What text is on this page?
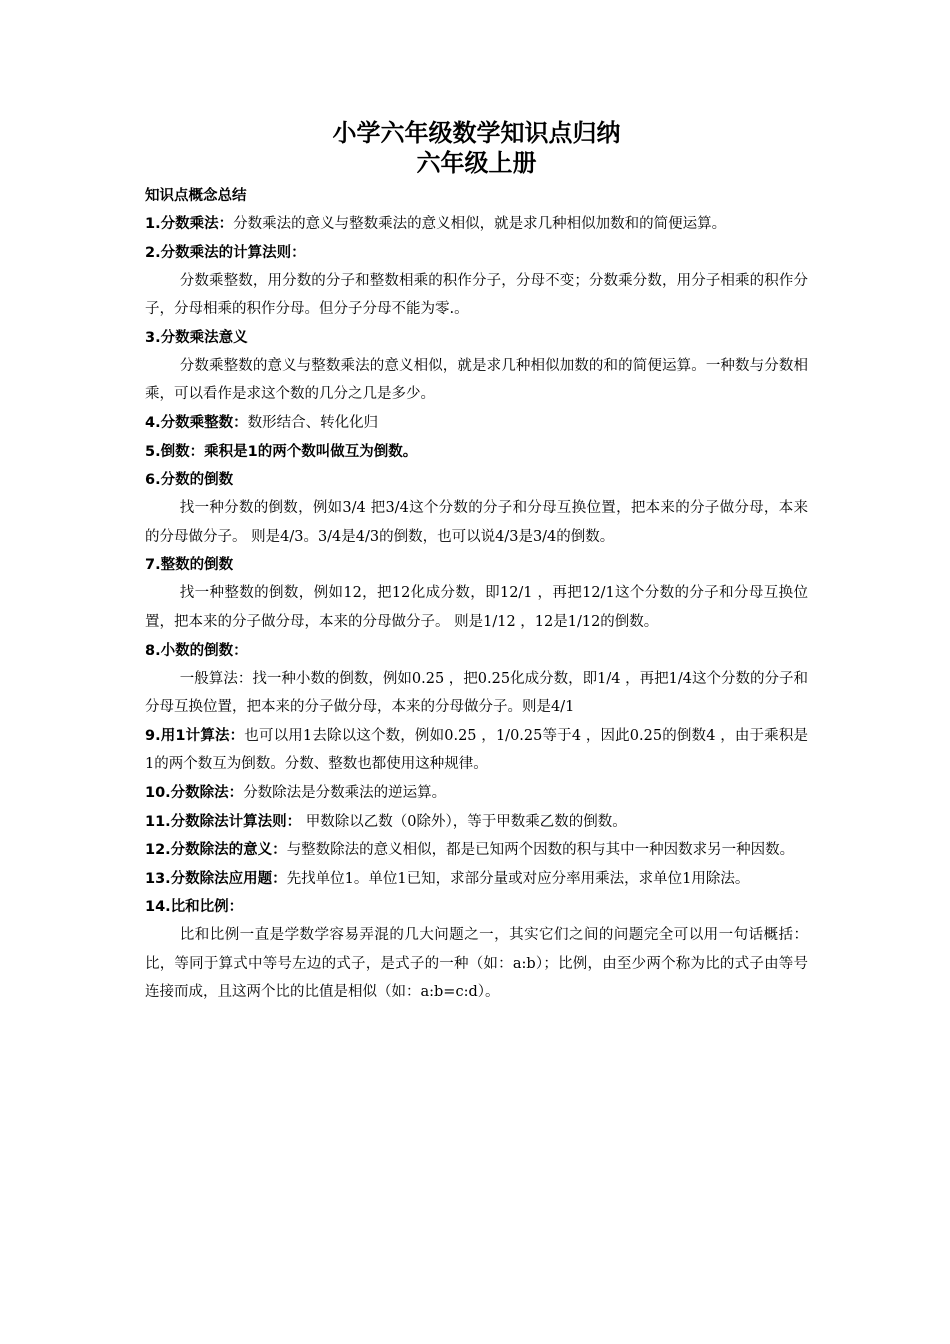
小学六年级数学知识点归纳
六年级上册

知识点概念总结

1.分数乘法：分数乘法的意义与整数乘法的意义相似，就是求几种相似加数和的简便运算。

2.分数乘法的计算法则：

分数乘整数，用分数的分子和整数相乘的积作分子，分母不变；分数乘分数，用分子相乘的积作分子，分母相乘的积作分母。但分子分母不能为零.。

3.分数乘法意义

分数乘整数的意义与整数乘法的意义相似，就是求几种相似加数的和的简便运算。一种数与分数相乘，可以看作是求这个数的几分之几是多少。

4.分数乘整数：数形结合、转化化归
5.倒数：乘积是1的两个数叫做互为倒数。

6.分数的倒数

找一种分数的倒数，例如3/4 把3/4这个分数的分子和分母互换位置，把本来的分子做分母，本来的分母做分子。 则是4/3。3/4是4/3的倒数，也可以说4/3是3/4的倒数。

7.整数的倒数

找一种整数的倒数，例如12，把12化成分数，即12/1 ，再把12/1这个分数的分子和分母互换位置，把本来的分子做分母，本来的分母做分子。 则是1/12 ，12是1/12的倒数。

8.小数的倒数：

一般算法：找一种小数的倒数，例如0.25 ，把0.25化成分数，即1/4 ，再把1/4这个分数的分子和分母互换位置，把本来的分子做分母，本来的分母做分子。则是4/1

9.用1计算法：也可以用1去除以这个数，例如0.25 ，1/0.25等于4 ，因此0.25的倒数4 ，由于乘积是1的两个数互为倒数。分数、整数也都使用这种规律。
10.分数除法：分数除法是分数乘法的逆运算。
11.分数除法计算法则： 甲数除以乙数（0除外），等于甲数乘乙数的倒数。
12.分数除法的意义：与整数除法的意义相似，都是已知两个因数的积与其中一种因数求另一种因数。
13.分数除法应用题：先找单位1。单位1已知，求部分量或对应分率用乘法，求单位1用除法。

14.比和比例：

比和比例一直是学数学容易弄混的几大问题之一，其实它们之间的问题完全可以用一句话概括： 比，等同于算式中等号左边的式子，是式子的一种（如：a:b）；比例，由至少两个称为比的式子由等号连接而成，且这两个比的比值是相似（如：a:b=c:d）。
